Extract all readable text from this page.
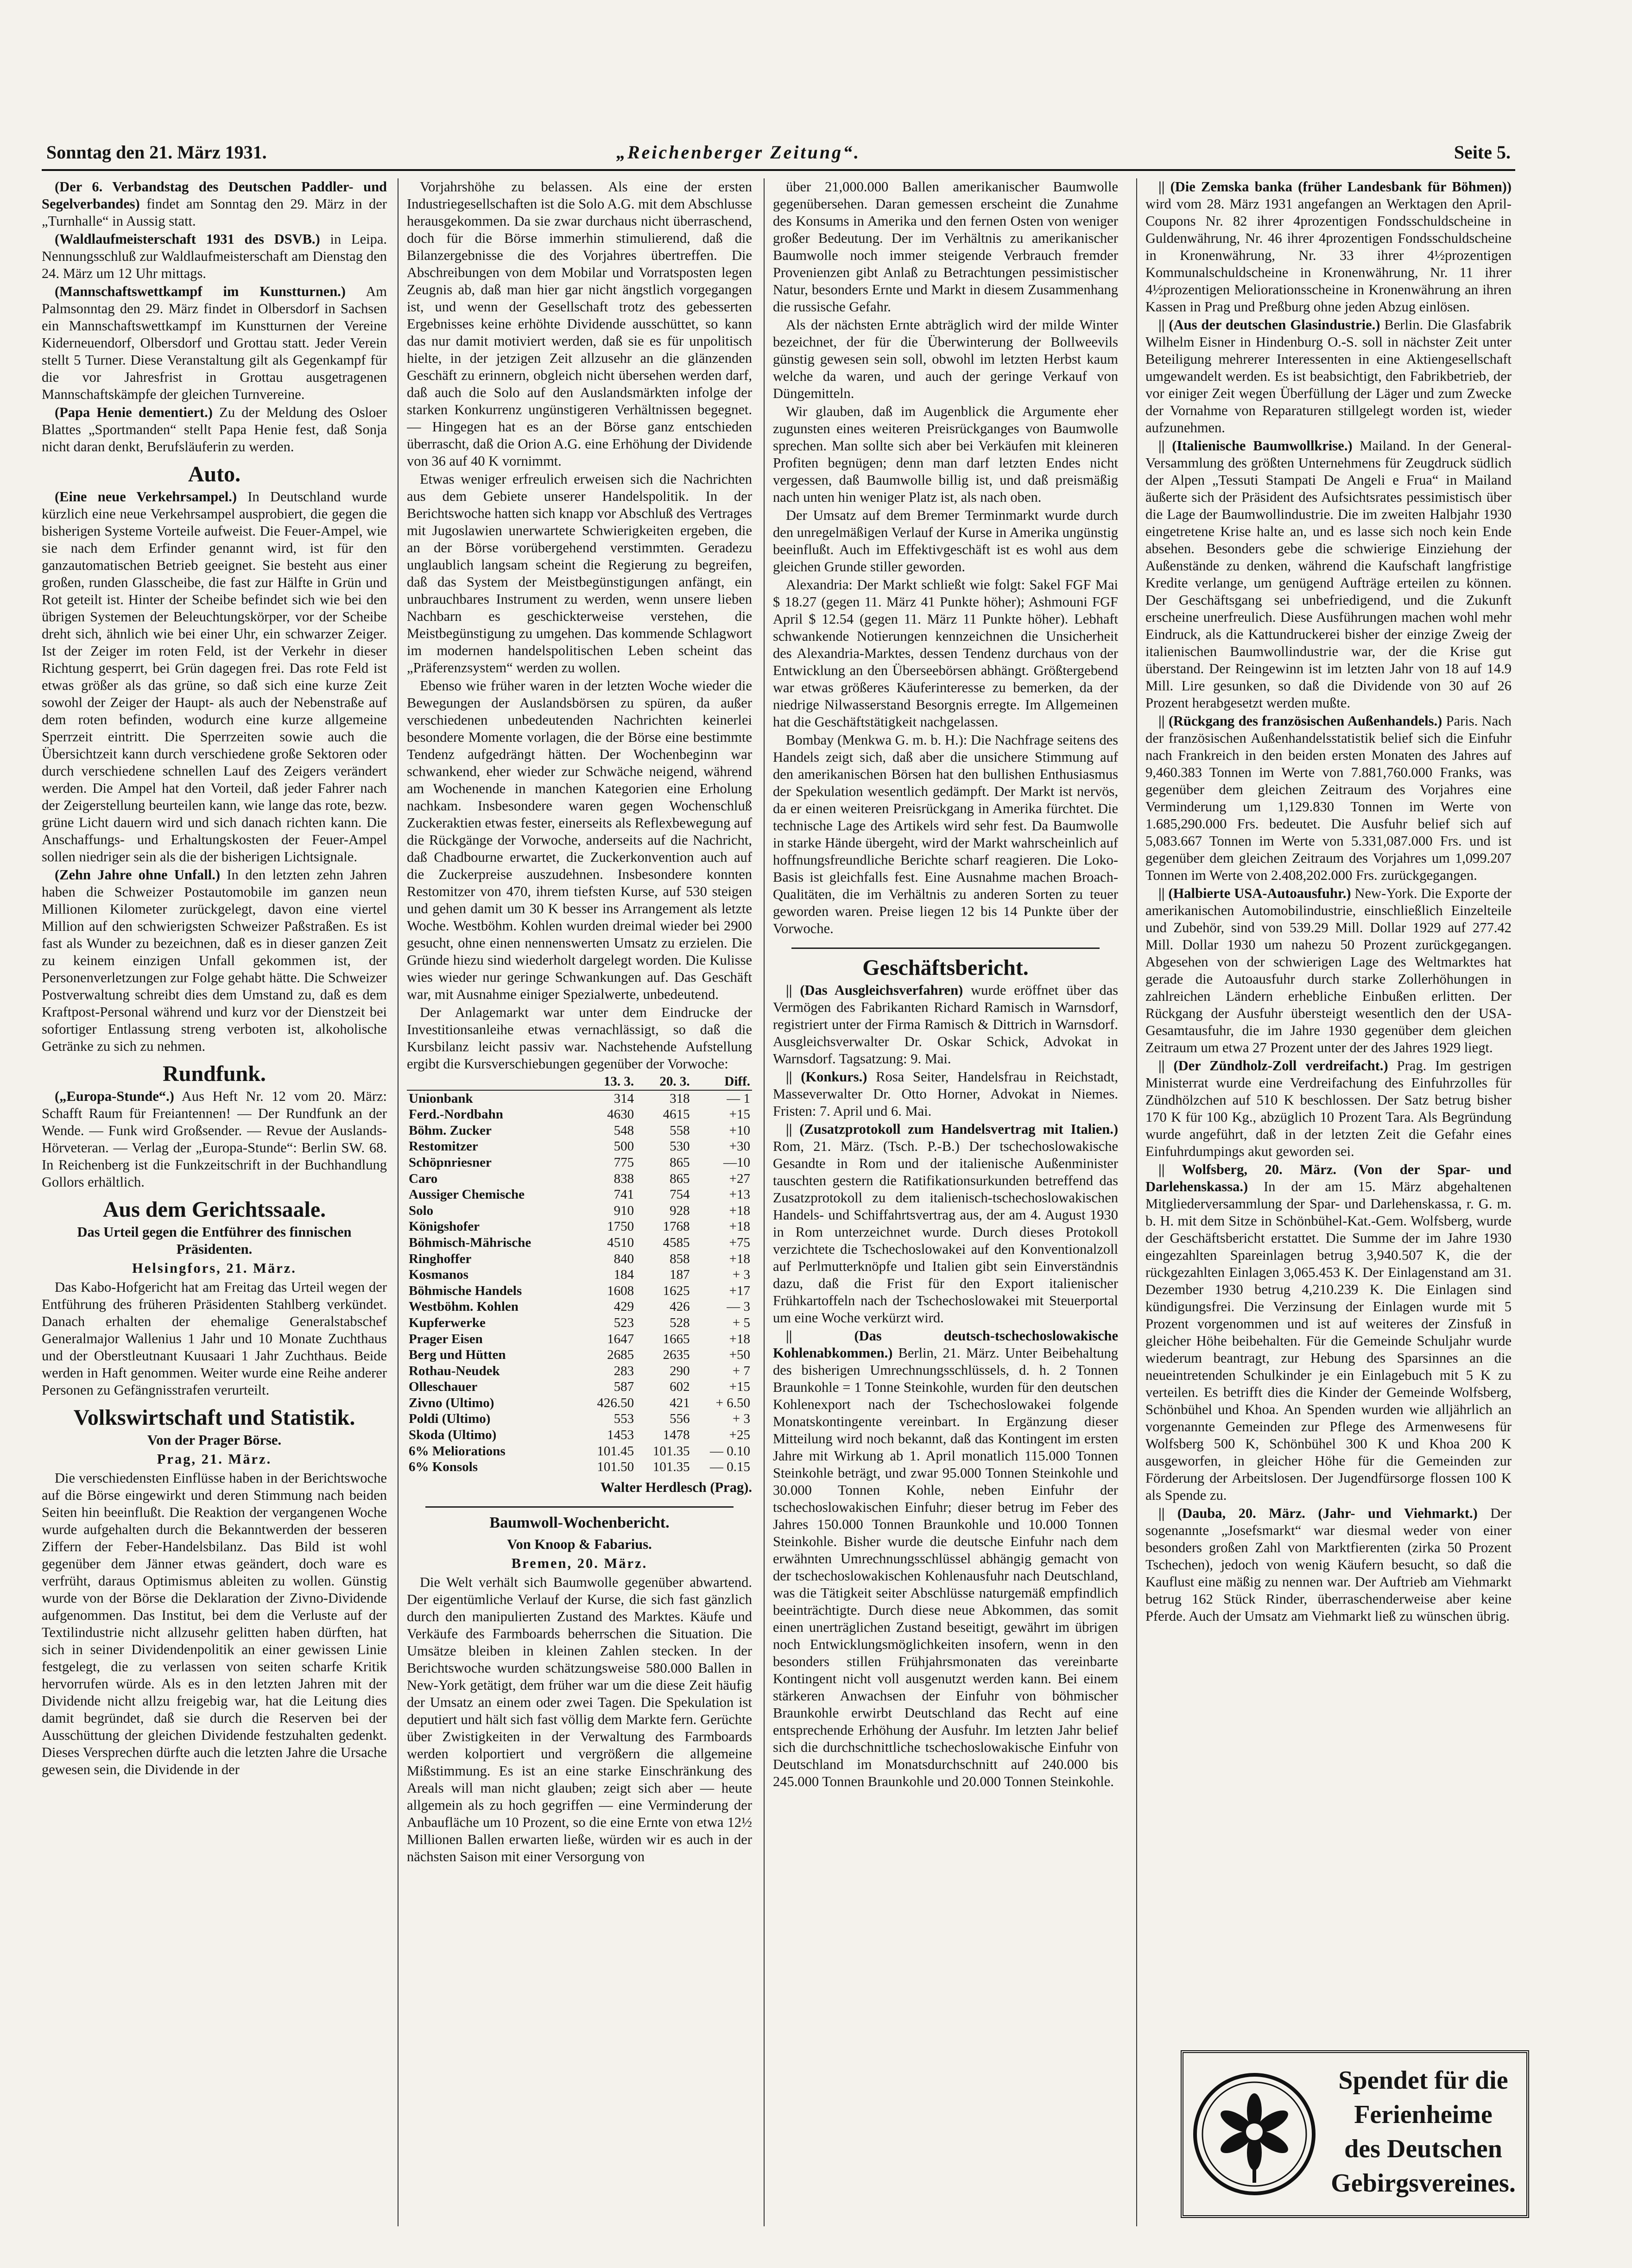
Sonntag den 21. März 1931.	„Reichenberger Zeitung“.	Seite 5.

(Der 6. Verbandstag des Deutschen Paddler- und Segelverbandes) findet am Sonntag den 29. März in der „Turnhalle“ in Aussig statt.

(Waldlaufmeisterschaft 1931 des DSVB.) in Leipa. Nennungsschluß zur Waldlaufmeisterschaft am Dienstag den 24. März um 12 Uhr mittags.

(Mannschaftswettkampf im Kunstturnen.) Am Palmsonntag den 29. März findet in Olbersdorf in Sachsen ein Mannschaftswettkampf im Kunstturnen der Vereine Kiderneuendorf, Olbersdorf und Grottau statt. Jeder Verein stellt 5 Turner. Diese Veranstaltung gilt als Gegenkampf für die vor Jahresfrist in Grottau ausgetragenen Mannschaftskämpfe der gleichen Turnvereine.

(Papa Henie dementiert.) Zu der Meldung des Osloer Blattes „Sportmanden“ stellt Papa Henie fest, daß Sonja nicht daran denkt, Berufsläuferin zu werden.

Auto.

(Eine neue Verkehrsampel.) In Deutschland wurde kürzlich eine neue Verkehrsampel ausprobiert, die gegen die bisherigen Systeme Vorteile aufweist. Die Feuer-Ampel, wie sie nach dem Erfinder genannt wird, ist für den ganzautomatischen Betrieb geeignet. Sie besteht aus einer großen, runden Glasscheibe, die fast zur Hälfte in Grün und Rot geteilt ist. Hinter der Scheibe befindet sich wie bei den übrigen Systemen der Beleuchtungskörper, vor der Scheibe dreht sich, ähnlich wie bei einer Uhr, ein schwarzer Zeiger. Ist der Zeiger im roten Feld, ist der Verkehr in dieser Richtung gesperrt, bei Grün dagegen frei. Das rote Feld ist etwas größer als das grüne, so daß sich eine kurze Zeit sowohl der Zeiger der Haupt- als auch der Nebenstraße auf dem roten befinden, wodurch eine kurze allgemeine Sperrzeit eintritt. Die Sperrzeiten sowie auch die Übersichtzeit kann durch verschiedene große Sektoren oder durch verschiedene schnellen Lauf des Zeigers verändert werden. Die Ampel hat den Vorteil, daß jeder Fahrer nach der Zeigerstellung beurteilen kann, wie lange das rote, bezw. grüne Licht dauern wird und sich danach richten kann. Die Anschaffungs- und Erhaltungskosten der Feuer-Ampel sollen niedriger sein als die der bisherigen Lichtsignale.

(Zehn Jahre ohne Unfall.) In den letzten zehn Jahren haben die Schweizer Postautomobile im ganzen neun Millionen Kilometer zurückgelegt, davon eine viertel Million auf den schwierigsten Schweizer Paßstraßen. Es ist fast als Wunder zu bezeichnen, daß es in dieser ganzen Zeit zu keinem einzigen Unfall gekommen ist, der Personenverletzungen zur Folge gehabt hätte. Die Schweizer Postverwaltung schreibt dies dem Umstand zu, daß es dem Kraftpost-Personal während und kurz vor der Dienstzeit bei sofortiger Entlassung streng verboten ist, alkoholische Getränke zu sich zu nehmen.

Rundfunk.

(„Europa-Stunde“.) Aus Heft Nr. 12 vom 20. März: Schafft Raum für Freiantennen! — Der Rundfunk an der Wende. — Funk wird Großsender. — Revue der Auslands-Hörveteran. — Verlag der „Europa-Stunde“: Berlin SW. 68. In Reichenberg ist die Funkzeitschrift in der Buchhandlung Gollors erhältlich.

Aus dem Gerichtssaale.
Das Urteil gegen die Entführer des finnischen Präsidenten.
Helsingfors, 21. März.

Das Kabo-Hofgericht hat am Freitag das Urteil wegen der Entführung des früheren Präsidenten Stahlberg verkündet. Danach erhalten der ehemalige Generalstabschef Generalmajor Wallenius 1 Jahr und 10 Monate Zuchthaus und der Oberstleutnant Kuusaari 1 Jahr Zuchthaus. Beide werden in Haft genommen. Weiter wurde eine Reihe anderer Personen zu Gefängnisstrafen verurteilt.

Volkswirtschaft und Statistik.
Von der Prager Börse.
Prag, 21. März.

Die verschiedensten Einflüsse haben in der Berichtswoche auf die Börse eingewirkt und deren Stimmung nach beiden Seiten hin beeinflußt. Die Reaktion der vergangenen Woche wurde aufgehalten durch die Bekanntwerden der besseren Ziffern der Feber-Handelsbilanz. Das Bild ist wohl gegenüber dem Jänner etwas geändert, doch ware es verfrüht, daraus Optimismus ableiten zu wollen. Günstig wurde von der Börse die Deklaration der Zivno-Dividende aufgenommen. Das Institut, bei dem die Verluste auf der Textilindustrie nicht allzusehr gelitten haben dürften, hat sich in seiner Dividendenpolitik an einer gewissen Linie festgelegt, die zu verlassen von seiten scharfe Kritik hervorrufen würde. Als es in den letzten Jahren mit der Dividende nicht allzu freigebig war, hat die Leitung dies damit begründet, daß sie durch die Reserven bei der Ausschüttung der gleichen Dividende festzuhalten gedenkt. Dieses Versprechen dürfte auch die letzten Jahre die Ursache gewesen sein, die Dividende in der

Vorjahrshöhe zu belassen. Als eine der ersten Industriegesellschaften ist die Solo A.G. mit dem Abschlusse herausgekommen. Da sie zwar durchaus nicht überraschend, doch für die Börse immerhin stimulierend, daß die Bilanzergebnisse die des Vorjahres übertreffen. Die Abschreibungen von dem Mobilar und Vorratsposten legen Zeugnis ab, daß man hier gar nicht ängstlich vorgegangen ist, und wenn der Gesellschaft trotz des gebesserten Ergebnisses keine erhöhte Dividende ausschüttet, so kann das nur damit motiviert werden, daß sie es für unpolitisch hielte, in der jetzigen Zeit allzusehr an die glänzenden Geschäft zu erinnern, obgleich nicht übersehen werden darf, daß auch die Solo auf den Auslandsmärkten infolge der starken Konkurrenz ungünstigeren Verhältnissen begegnet. — Hingegen hat es an der Börse ganz entschieden überrascht, daß die Orion A.G. eine Erhöhung der Dividende von 36 auf 40 K vornimmt.

Etwas weniger erfreulich erweisen sich die Nachrichten aus dem Gebiete unserer Handelspolitik. In der Berichtswoche hatten sich knapp vor Abschluß des Vertrages mit Jugoslawien unerwartete Schwierigkeiten ergeben, die an der Börse vorübergehend verstimmten. Geradezu unglaublich langsam scheint die Regierung zu begreifen, daß das System der Meistbegünstigungen anfängt, ein unbrauchbares Instrument zu werden, wenn unsere lieben Nachbarn es geschickterweise verstehen, die Meistbegünstigung zu umgehen. Das kommende Schlagwort im modernen handelspolitischen Leben scheint das „Präferenzsystem“ werden zu wollen.

Ebenso wie früher waren in der letzten Woche wieder die Bewegungen der Auslandsbörsen zu spüren, da außer verschiedenen unbedeutenden Nachrichten keinerlei besondere Momente vorlagen, die der Börse eine bestimmte Tendenz aufgedrängt hätten. Der Wochenbeginn war schwankend, eher wieder zur Schwäche neigend, während am Wochenende in manchen Kategorien eine Erholung nachkam. Insbesondere waren gegen Wochenschluß Zuckeraktien etwas fester, einerseits als Reflexbewegung auf die Rückgänge der Vorwoche, anderseits auf die Nachricht, daß Chadbourne erwartet, die Zuckerkonvention auch auf die Zuckerpreise auszudehnen. Insbesondere konnten Restomitzer von 470, ihrem tiefsten Kurse, auf 530 steigen und gehen damit um 30 K besser ins Arrangement als letzte Woche. Westböhm. Kohlen wurden dreimal wieder bei 2900 gesucht, ohne einen nennenswerten Umsatz zu erzielen. Die Gründe hiezu sind wiederholt dargelegt worden. Die Kulisse wies wieder nur geringe Schwankungen auf. Das Geschäft war, mit Ausnahme einiger Spezialwerte, unbedeutend.

Der Anlagemarkt war unter dem Eindrucke der Investitionsanleihe etwas vernachlässigt, so daß die Kursbilanz leicht passiv war. Nachstehende Aufstellung ergibt die Kursverschiebungen gegenüber der Vorwoche:

	13. 3.	20. 3.	Diff.
Unionbank	314	318	— 1
Ferd.-Nordbahn	4630	4615	+15
Böhm. Zucker	548	558	+10
Restomitzer	500	530	+30
Schöpnriesner	775	865	—10
Caro	838	865	+27
Aussiger Chemische	741	754	+13
Solo	910	928	+18
Königshofer	1750	1768	+18
Böhmisch-Mährische	4510	4585	+75
Ringhoffer	840	858	+18
Kosmanos	184	187	+ 3
Böhmische Handels	1608	1625	+17
Westböhm. Kohlen	429	426	— 3
Kupferwerke	523	528	+ 5
Prager Eisen	1647	1665	+18
Berg und Hütten	2685	2635	+50
Rothau-Neudek	283	290	+ 7
Olleschauer	587	602	+15
Zivno (Ultimo)	426.50	421	+ 6.50
Poldi (Ultimo)	553	556	+ 3
Skoda (Ultimo)	1453	1478	+25
6% Meliorations	101.45	101.35	— 0.10
6% Konsols	101.50	101.35	— 0.15
Walter Herdlesch (Prag).
Baumwoll-Wochenbericht.
Von Knoop & Fabarius.
Bremen, 20. März.

Die Welt verhält sich Baumwolle gegenüber abwartend. Der eigentümliche Verlauf der Kurse, die sich fast gänzlich durch den manipulierten Zustand des Marktes. Käufe und Verkäufe des Farmboards beherrschen die Situation. Die Umsätze bleiben in kleinen Zahlen stecken. In der Berichtswoche wurden schätzungsweise 580.000 Ballen in New-York getätigt, dem früher war um die diese Zeit häufig der Umsatz an einem oder zwei Tagen. Die Spekulation ist deputiert und hält sich fast völlig dem Markte fern. Gerüchte über Zwistigkeiten in der Verwaltung des Farmboards werden kolportiert und vergrößern die allgemeine Mißstimmung. Es ist an eine starke Einschränkung des Areals will man nicht glauben; zeigt sich aber — heute allgemein als zu hoch gegriffen — eine Verminderung der Anbaufläche um 10 Prozent, so die eine Ernte von etwa 12½ Millionen Ballen erwarten ließe, würden wir es auch in der nächsten Saison mit einer Versorgung von

über 21,000.000 Ballen amerikanischer Baumwolle gegenübersehen. Daran gemessen erscheint die Zunahme des Konsums in Amerika und den fernen Osten von weniger großer Bedeutung. Der im Verhältnis zu amerikanischer Baumwolle noch immer steigende Verbrauch fremder Provenienzen gibt Anlaß zu Betrachtungen pessimistischer Natur, besonders Ernte und Markt in diesem Zusammenhang die russische Gefahr.

Als der nächsten Ernte abträglich wird der milde Winter bezeichnet, der für die Überwinterung der Bollweevils günstig gewesen sein soll, obwohl im letzten Herbst kaum welche da waren, und auch der geringe Verkauf von Düngemitteln.

Wir glauben, daß im Augenblick die Argumente eher zugunsten eines weiteren Preisrückganges von Baumwolle sprechen. Man sollte sich aber bei Verkäufen mit kleineren Profiten begnügen; denn man darf letzten Endes nicht vergessen, daß Baumwolle billig ist, und daß preismäßig nach unten hin weniger Platz ist, als nach oben.

Der Umsatz auf dem Bremer Terminmarkt wurde durch den unregelmäßigen Verlauf der Kurse in Amerika ungünstig beeinflußt. Auch im Effektivgeschäft ist es wohl aus dem gleichen Grunde stiller geworden.

Alexandria: Der Markt schließt wie folgt: Sakel FGF Mai $ 18.27 (gegen 11. März 41 Punkte höher); Ashmouni FGF April $ 12.54 (gegen 11. März 11 Punkte höher). Lebhaft schwankende Notierungen kennzeichnen die Unsicherheit des Alexandria-Marktes, dessen Tendenz durchaus von der Entwicklung an den Überseebörsen abhängt. Größtergebend war etwas größeres Käuferinteresse zu bemerken, da der niedrige Nilwasserstand Besorgnis erregte. Im Allgemeinen hat die Geschäftstätigkeit nachgelassen.

Bombay (Menkwa G. m. b. H.): Die Nachfrage seitens des Handels zeigt sich, daß aber die unsichere Stimmung auf den amerikanischen Börsen hat den bullishen Enthusiasmus der Spekulation wesentlich gedämpft. Der Markt ist nervös, da er einen weiteren Preisrückgang in Amerika fürchtet. Die technische Lage des Artikels wird sehr fest. Da Baumwolle in starke Hände übergeht, wird der Markt wahrscheinlich auf hoffnungsfreundliche Berichte scharf reagieren. Die Loko-Basis ist gleichfalls fest. Eine Ausnahme machen Broach-Qualitäten, die im Verhältnis zu anderen Sorten zu teuer geworden waren. Preise liegen 12 bis 14 Punkte über der Vorwoche.

Geschäftsbericht.

|| (Das Ausgleichsverfahren) wurde eröffnet über das Vermögen des Fabrikanten Richard Ramisch in Warnsdorf, registriert unter der Firma Ramisch & Dittrich in Warnsdorf. Ausgleichsverwalter Dr. Oskar Schick, Advokat in Warnsdorf. Tagsatzung: 9. Mai.

|| (Konkurs.) Rosa Seiter, Handelsfrau in Reichstadt, Masseverwalter Dr. Otto Horner, Advokat in Niemes. Fristen: 7. April und 6. Mai.

|| (Zusatzprotokoll zum Handelsvertrag mit Italien.) Rom, 21. März. (Tsch. P.-B.) Der tschechoslowakische Gesandte in Rom und der italienische Außenminister tauschten gestern die Ratifikationsurkunden betreffend das Zusatzprotokoll zu dem italienisch-tschechoslowakischen Handels- und Schiffahrtsvertrag aus, der am 4. August 1930 in Rom unterzeichnet wurde. Durch dieses Protokoll verzichtete die Tschechoslowakei auf den Konventionalzoll auf Perlmutterknöpfe und Italien gibt sein Einverständnis dazu, daß die Frist für den Export italienischer Frühkartoffeln nach der Tschechoslowakei mit Steuerportal um eine Woche verkürzt wird.

|| (Das deutsch-tschechoslowakische Kohlenabkommen.) Berlin, 21. März. Unter Beibehaltung des bisherigen Umrechnungsschlüssels, d. h. 2 Tonnen Braunkohle = 1 Tonne Steinkohle, wurden für den deutschen Kohlenexport nach der Tschechoslowakei folgende Monatskontingente vereinbart. In Ergänzung dieser Mitteilung wird noch bekannt, daß das Kontingent im ersten Jahre mit Wirkung ab 1. April monatlich 115.000 Tonnen Steinkohle beträgt, und zwar 95.000 Tonnen Steinkohle und 30.000 Tonnen Kohle, neben Einfuhr der tschechoslowakischen Einfuhr; dieser betrug im Feber des Jahres 150.000 Tonnen Braunkohle und 10.000 Tonnen Steinkohle. Bisher wurde die deutsche Einfuhr nach dem erwähnten Umrechnungsschlüssel abhängig gemacht von der tschechoslowakischen Kohlenausfuhr nach Deutschland, was die Tätigkeit seiter Abschlüsse naturgemäß empfindlich beeinträchtigte. Durch diese neue Abkommen, das somit einen unerträglichen Zustand beseitigt, gewährt im übrigen noch Entwicklungsmöglichkeiten insofern, wenn in den besonders stillen Frühjahrsmonaten das vereinbarte Kontingent nicht voll ausgenutzt werden kann. Bei einem stärkeren Anwachsen der Einfuhr von böhmischer Braunkohle erwirbt Deutschland das Recht auf eine entsprechende Erhöhung der Ausfuhr. Im letzten Jahr belief sich die durchschnittliche tschechoslowakische Einfuhr von Deutschland im Monatsdurchschnitt auf 240.000 bis 245.000 Tonnen Braunkohle und 20.000 Tonnen Steinkohle.

|| (Die Zemska banka (früher Landesbank für Böhmen)) wird vom 28. März 1931 angefangen an Werktagen den April-Coupons Nr. 82 ihrer 4prozentigen Fondsschuldscheine in Guldenwährung, Nr. 46 ihrer 4prozentigen Fondsschuldscheine in Kronenwährung, Nr. 33 ihrer 4½prozentigen Kommunalschuldscheine in Kronenwährung, Nr. 11 ihrer 4½prozentigen Meliorationsscheine in Kronenwährung an ihren Kassen in Prag und Preßburg ohne jeden Abzug einlösen.

|| (Aus der deutschen Glasindustrie.) Berlin. Die Glasfabrik Wilhelm Eisner in Hindenburg O.-S. soll in nächster Zeit unter Beteiligung mehrerer Interessenten in eine Aktiengesellschaft umgewandelt werden. Es ist beabsichtigt, den Fabrikbetrieb, der vor einiger Zeit wegen Überfüllung der Läger und zum Zwecke der Vornahme von Reparaturen stillgelegt worden ist, wieder aufzunehmen.

|| (Italienische Baumwollkrise.) Mailand. In der General-Versammlung des größten Unternehmens für Zeugdruck südlich der Alpen „Tessuti Stampati De Angeli e Frua“ in Mailand äußerte sich der Präsident des Aufsichtsrates pessimistisch über die Lage der Baumwollindustrie. Die im zweiten Halbjahr 1930 eingetretene Krise halte an, und es lasse sich noch kein Ende absehen. Besonders gebe die schwierige Einziehung der Außenstände zu denken, während die Kaufschaft langfristige Kredite verlange, um genügend Aufträge erteilen zu können. Der Geschäftsgang sei unbefriedigend, und die Zukunft erscheine unerfreulich. Diese Ausführungen machen wohl mehr Eindruck, als die Kattundruckerei bisher der einzige Zweig der italienischen Baumwollindustrie war, der die Krise gut überstand. Der Reingewinn ist im letzten Jahr von 18 auf 14.9 Mill. Lire gesunken, so daß die Dividende von 30 auf 26 Prozent herabgesetzt werden mußte.

|| (Rückgang des französischen Außenhandels.) Paris. Nach der französischen Außenhandelsstatistik belief sich die Einfuhr nach Frankreich in den beiden ersten Monaten des Jahres auf 9,460.383 Tonnen im Werte von 7.881,760.000 Franks, was gegenüber dem gleichen Zeitraum des Vorjahres eine Verminderung um 1,129.830 Tonnen im Werte von 1.685,290.000 Frs. bedeutet. Die Ausfuhr belief sich auf 5,083.667 Tonnen im Werte von 5.331,087.000 Frs. und ist gegenüber dem gleichen Zeitraum des Vorjahres um 1,099.207 Tonnen im Werte von 2.408,202.000 Frs. zurückgegangen.

|| (Halbierte USA-Autoausfuhr.) New-York. Die Exporte der amerikanischen Automobilindustrie, einschließlich Einzelteile und Zubehör, sind von 539.29 Mill. Dollar 1929 auf 277.42 Mill. Dollar 1930 um nahezu 50 Prozent zurückgegangen. Abgesehen von der schwierigen Lage des Weltmarktes hat gerade die Autoausfuhr durch starke Zollerhöhungen in zahlreichen Ländern erhebliche Einbußen erlitten. Der Rückgang der Ausfuhr übersteigt wesentlich den der USA-Gesamtausfuhr, die im Jahre 1930 gegenüber dem gleichen Zeitraum um etwa 27 Prozent unter der des Jahres 1929 liegt.

|| (Der Zündholz-Zoll verdreifacht.) Prag. Im gestrigen Ministerrat wurde eine Verdreifachung des Einfuhrzolles für Zündhölzchen auf 510 K beschlossen. Der Satz betrug bisher 170 K für 100 Kg., abzüglich 10 Prozent Tara. Als Begründung wurde angeführt, daß in der letzten Zeit die Gefahr eines Einfuhrdumpings akut geworden sei.

|| Wolfsberg, 20. März. (Von der Spar- und Darlehenskassa.) In der am 15. März abgehaltenen Mitgliederversammlung der Spar- und Darlehenskassa, r. G. m. b. H. mit dem Sitze in Schönbühel-Kat.-Gem. Wolfsberg, wurde der Geschäftsbericht erstattet. Die Summe der im Jahre 1930 eingezahlten Spareinlagen betrug 3,940.507 K, die der rückgezahlten Einlagen 3,065.453 K. Der Einlagenstand am 31. Dezember 1930 betrug 4,210.239 K. Die Einlagen sind kündigungsfrei. Die Verzinsung der Einlagen wurde mit 5 Prozent vorgenommen und ist auf weiteres der Zinsfuß in gleicher Höhe beibehalten. Für die Gemeinde Schuljahr wurde wiederum beantragt, zur Hebung des Sparsinnes an die neueintretenden Schulkinder je ein Einlagebuch mit 5 K zu verteilen. Es betrifft dies die Kinder der Gemeinde Wolfsberg, Schönbühel und Khoa. An Spenden wurden wie alljährlich an vorgenannte Gemeinden zur Pflege des Armenwesens für Wolfsberg 500 K, Schönbühel 300 K und Khoa 200 K ausgeworfen, in gleicher Höhe für die Gemeinden zur Förderung der Arbeitslosen. Der Jugendfürsorge flossen 100 K als Spende zu.

|| (Dauba, 20. März. (Jahr- und Viehmarkt.) Der sogenannte „Josefsmarkt“ war diesmal weder von einer besonders großen Zahl von Marktfierenten (zirka 50 Prozent Tschechen), jedoch von wenig Käufern besucht, so daß die Kauflust eine mäßig zu nennen war. Der Auftrieb am Viehmarkt betrug 162 Stück Rinder, überraschenderweise aber keine Pferde. Auch der Umsatz am Viehmarkt ließ zu wünschen übrig.

Spendet für die
Ferienheime
des Deutschen
Gebirgsvereines.
